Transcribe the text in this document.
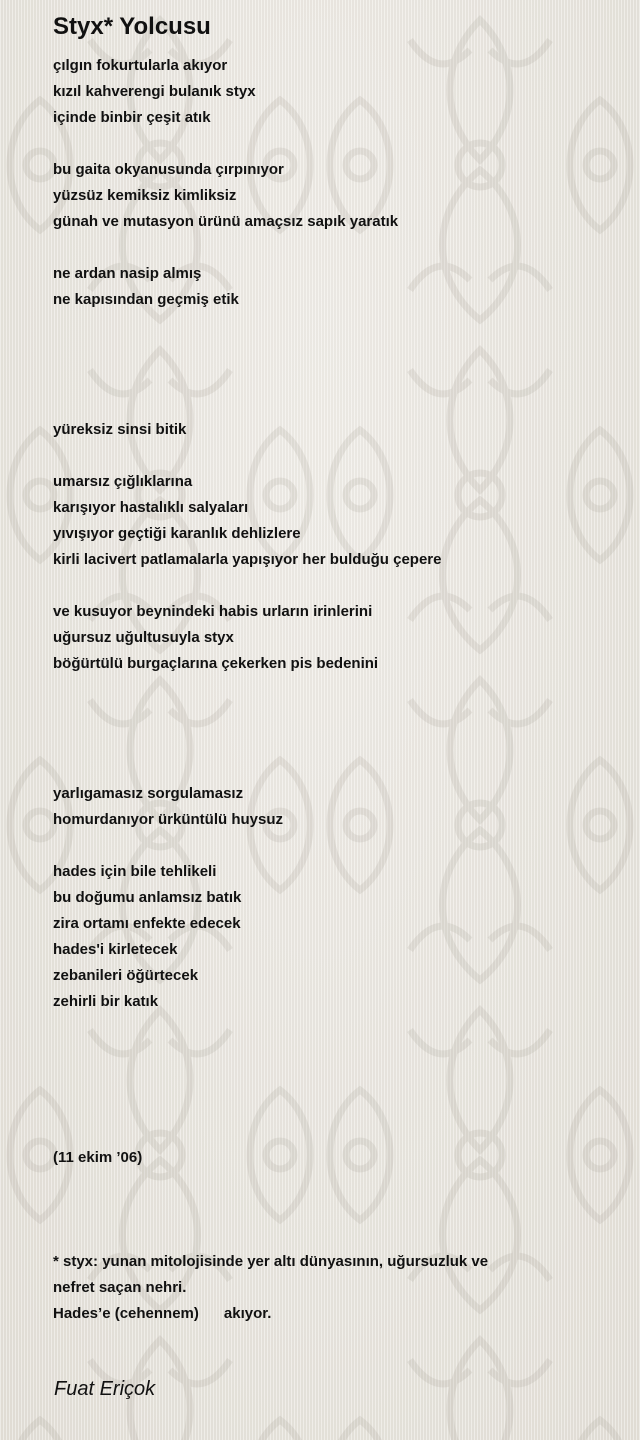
Styx* Yolcusu
çılgın fokurtularla akıyor
kızıl kahverengi bulanık styx
içinde binbir çeşit atık
bu gaita okyanusunda çırpınıyor
yüzsüz kemiksiz kimliksiz
günah ve mutasyon ürünü amaçsız sapık yaratık
ne ardan nasip almış
ne kapısından geçmiş etik
yüreksiz sinsi bitik
umarsız çığlıklarına
karışıyor hastalıklı salyaları
yıvışıyor geçtiği karanlık dehlizlere
kirli lacivert patlamalarla yapışıyor her bulduğu çepere
ve kusuyor beynindeki habis urların irinlerini
uğursuz uğultusuyla styx
böğürtülü burgaçlarına çekerken pis bedenini
yarlıgamasız sorgulamasız
homurdanıyor ürküntülü huysuz
hades için bile tehlikeli
bu doğumu anlamsız batık
zira ortamı enfekte edecek
hades'i kirletecek
zebanileri öğürtecek
zehirli bir katık
(11 ekim ’06)
* styx: yunan mitolojisinde yer altı dünyasının, uğursuzluk ve
nefret saçan nehri.
Hades’e (cehennem)      akıyor.
Fuat Eriçok
